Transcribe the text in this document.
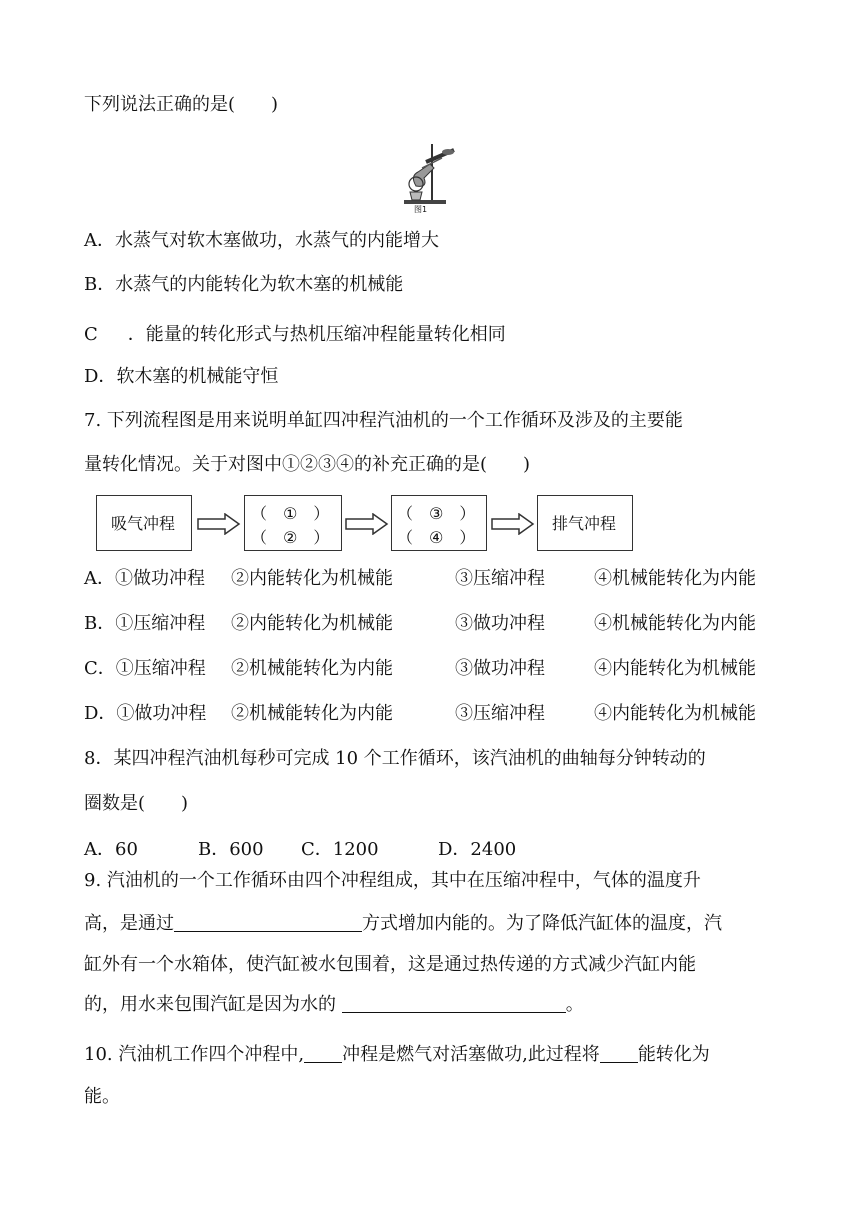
下列说法正确的是(　　)
图1
A．水蒸气对软木塞做功，水蒸气的内能增大
B．水蒸气的内能转化为软木塞的机械能
C ．能量的转化形式与热机压缩冲程能量转化相同
D．软木塞的机械能守恒
7. 下列流程图是用来说明单缸四冲程汽油机的一个工作循环及涉及的主要能
量转化情况。关于对图中①②③④的补充正确的是(　　)
吸气冲程
（　①　）
（　②　）
（　③　）
（　④　）
排气冲程
A．①做功冲程 ②内能转化为机械能	③压缩冲程	④机械能转化为内能
B．①压缩冲程 ②内能转化为机械能	③做功冲程	④机械能转化为内能
C．①压缩冲程 ②机械能转化为内能	③做功冲程	④内能转化为机械能
D．①做功冲程 ②机械能转化为内能	③压缩冲程	④内能转化为机械能
8．某四冲程汽油机每秒可完成 10 个工作循环，该汽油机的曲轴每分钟转动的
圈数是(　　)
A．60	B．600 C．1200	D．2400
9. 汽油机的一个工作循环由四个冲程组成，其中在压缩冲程中，气体的温度升
高，是通过	方式增加内能的。为了降低汽缸体的温度，汽
缸外有一个水箱体，使汽缸被水包围着，这是通过热传递的方式减少汽缸内能
的，用水来包围汽缸是因为水的	。
10. 汽油机工作四个冲程中, 冲程是燃气对活塞做功,此过程将 能转化为
能。
